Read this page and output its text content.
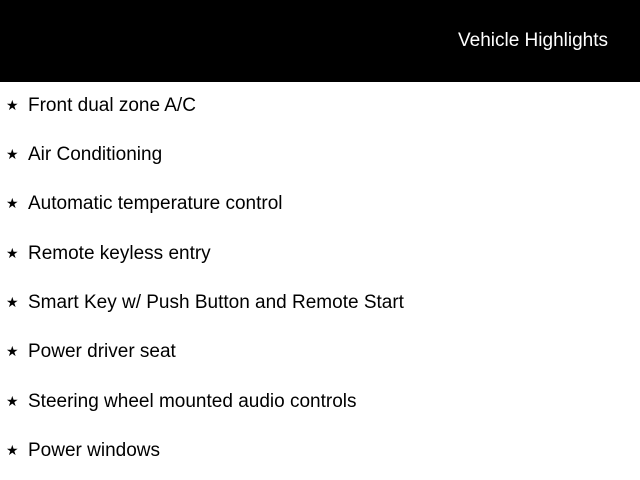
Vehicle Highlights
★ Front dual zone A/C
★ Air Conditioning
★ Automatic temperature control
★ Remote keyless entry
★ Smart Key w/ Push Button and Remote Start
★ Power driver seat
★ Steering wheel mounted audio controls
★ Power windows
